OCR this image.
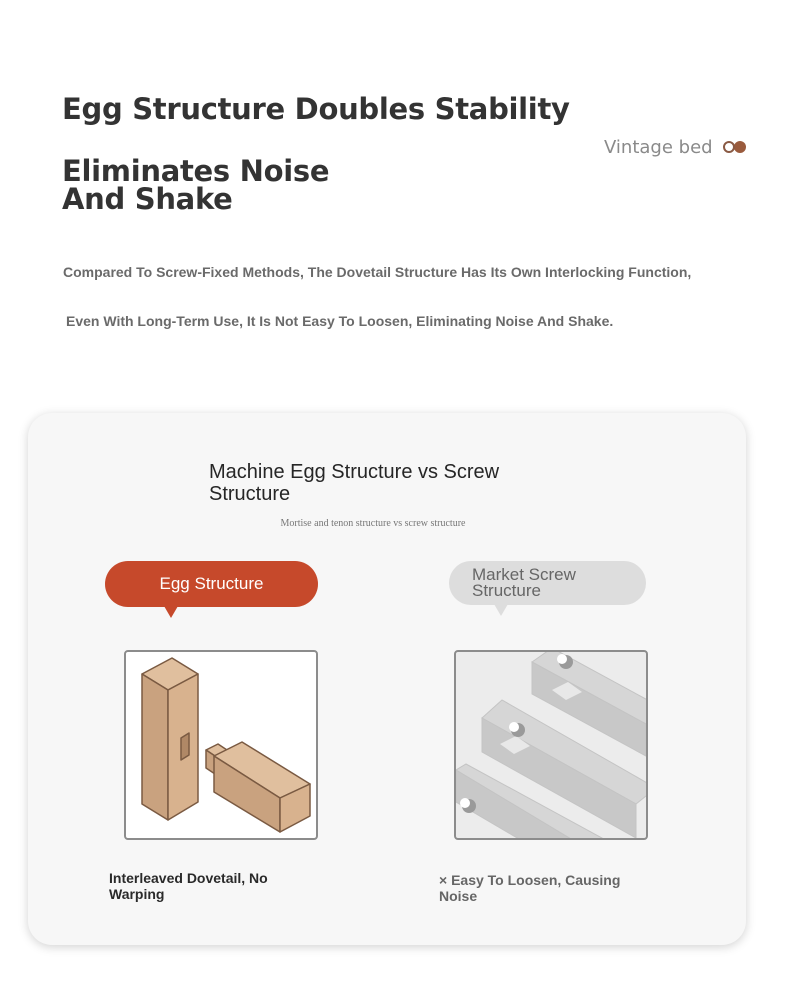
Egg Structure Doubles Stability
Eliminates Noise And Shake
Vintage bed
Compared To Screw-Fixed Methods, The Dovetail Structure Has Its Own Interlocking Function,
Even With Long-Term Use, It Is Not Easy To Loosen, Eliminating Noise And Shake.
Machine Egg Structure vs Screw Structure
Mortise and tenon structure vs screw structure
Egg Structure	Market Screw Structure
Interleaved Dovetail, No Warping
× Easy To Loosen, Causing Noise
